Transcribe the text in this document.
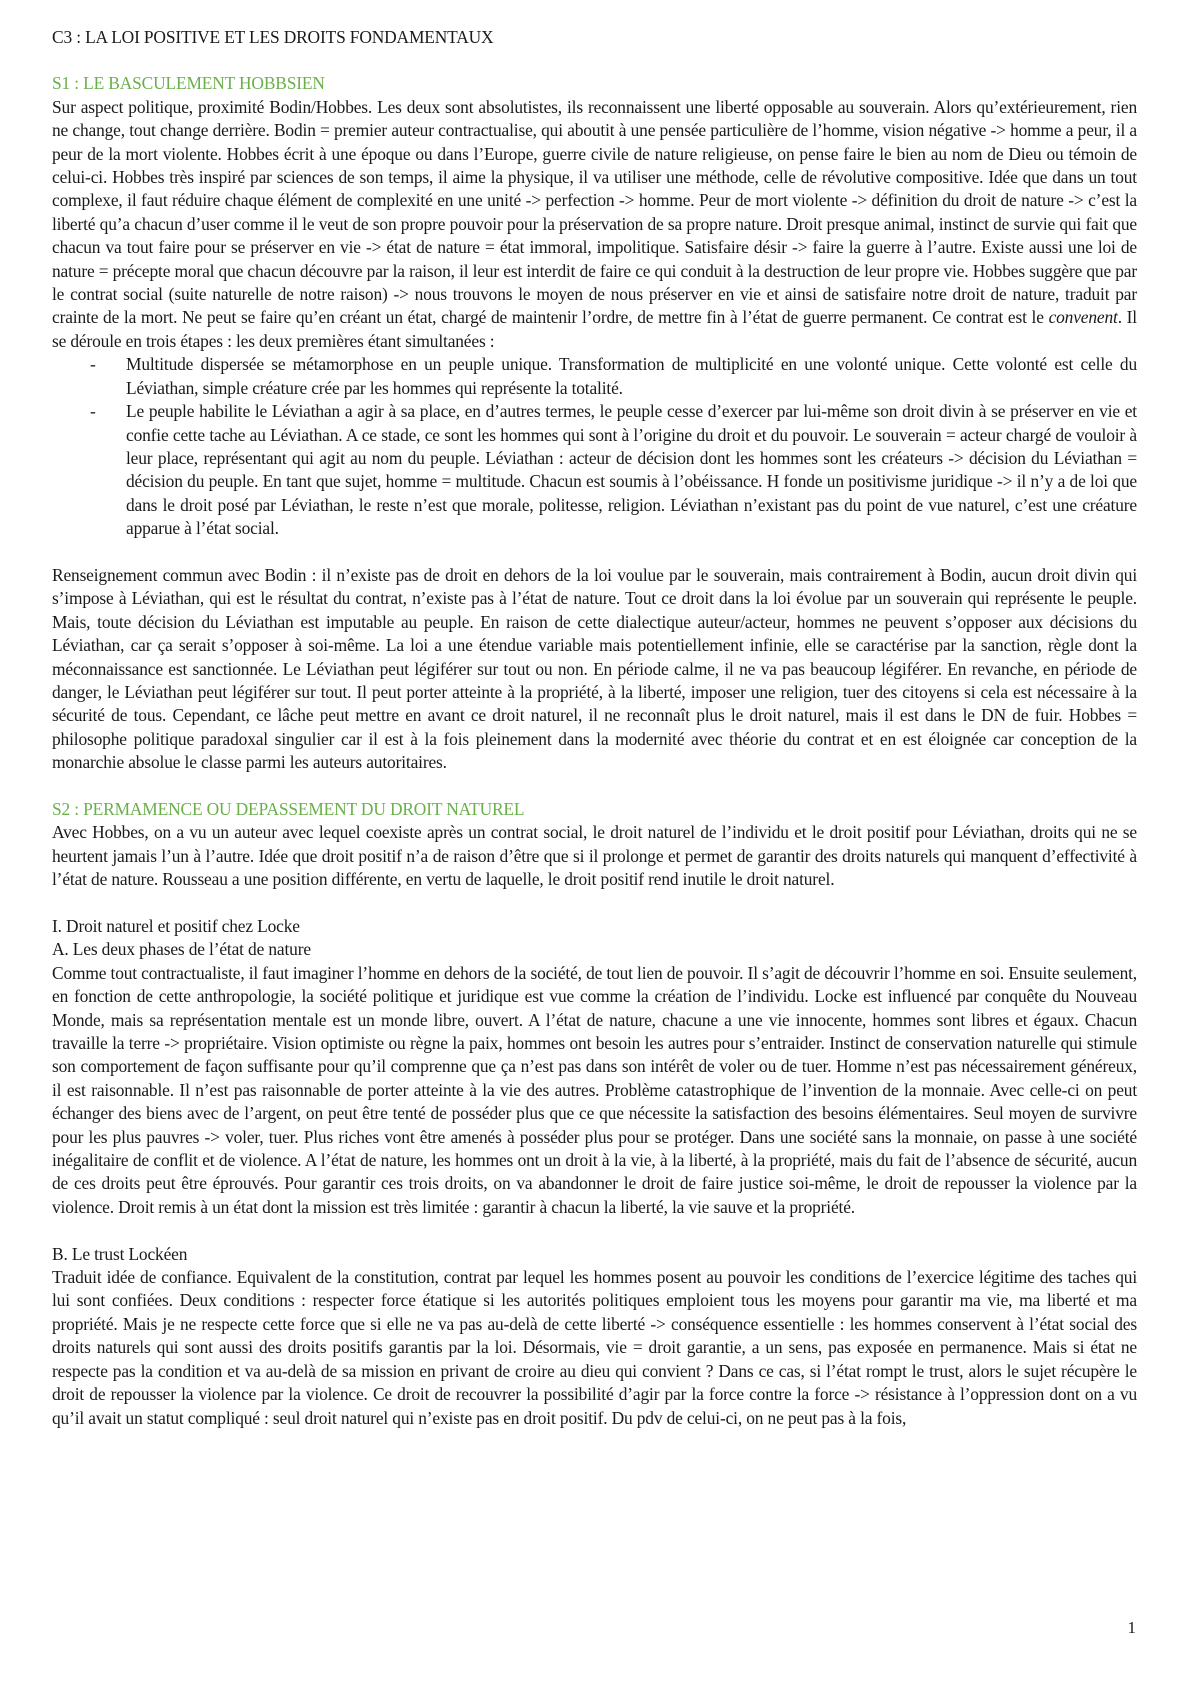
C3 : LA LOI POSITIVE ET LES DROITS FONDAMENTAUX

S1 : LE BASCULEMENT HOBBSIEN

Sur aspect politique, proximité Bodin/Hobbes. Les deux sont absolutistes, ils reconnaissent une liberté opposable au souverain. Alors qu’extérieurement, rien ne change, tout change derrière. Bodin = premier auteur contractualise, qui aboutit à une pensée particulière de l’homme, vision négative -> homme a peur, il a peur de la mort violente. Hobbes écrit à une époque ou dans l’Europe, guerre civile de nature religieuse, on pense faire le bien au nom de Dieu ou témoin de celui-ci. Hobbes très inspiré par sciences de son temps, il aime la physique, il va utiliser une méthode, celle de révolutive compositive. Idée que dans un tout complexe, il faut réduire chaque élément de complexité en une unité -> perfection -> homme. Peur de mort violente -> définition du droit de nature -> c’est la liberté qu’a chacun d’user comme il le veut de son propre pouvoir pour la préservation de sa propre nature. Droit presque animal, instinct de survie qui fait que chacun va tout faire pour se préserver en vie -> état de nature = état immoral, impolitique. Satisfaire désir -> faire la guerre à l’autre. Existe aussi une loi de nature = précepte moral que chacun découvre par la raison, il leur est interdit de faire ce qui conduit à la destruction de leur propre vie. Hobbes suggère que par le contrat social (suite naturelle de notre raison) -> nous trouvons le moyen de nous préserver en vie et ainsi de satisfaire notre droit de nature, traduit par crainte de la mort. Ne peut se faire qu’en créant un état, chargé de maintenir l’ordre, de mettre fin à l’état de guerre permanent. Ce contrat est le convenent. Il se déroule en trois étapes : les deux premières étant simultanées :

- Multitude dispersée se métamorphose en un peuple unique. Transformation de multiplicité en une volonté unique. Cette volonté est celle du Léviathan, simple créature crée par les hommes qui représente la totalité.
- Le peuple habilite le Léviathan a agir à sa place, en d’autres termes, le peuple cesse d’exercer par lui-même son droit divin à se préserver en vie et confie cette tache au Léviathan. A ce stade, ce sont les hommes qui sont à l’origine du droit et du pouvoir. Le souverain = acteur chargé de vouloir à leur place, représentant qui agit au nom du peuple. Léviathan : acteur de décision dont les hommes sont les créateurs -> décision du Léviathan = décision du peuple. En tant que sujet, homme = multitude. Chacun est soumis à l’obéissance. H fonde un positivisme juridique -> il n’y a de loi que dans le droit posé par Léviathan, le reste n’est que morale, politesse, religion. Léviathan n’existant pas du point de vue naturel, c’est une créature apparue à l’état social.

Renseignement commun avec Bodin : il n’existe pas de droit en dehors de la loi voulue par le souverain, mais contrairement à Bodin, aucun droit divin qui s’impose à Léviathan, qui est le résultat du contrat, n’existe pas à l’état de nature. Tout ce droit dans la loi évolue par un souverain qui représente le peuple. Mais, toute décision du Léviathan est imputable au peuple. En raison de cette dialectique auteur/acteur, hommes ne peuvent s’opposer aux décisions du Léviathan, car ça serait s’opposer à soi-même. La loi a une étendue variable mais potentiellement infinie, elle se caractérise par la sanction, règle dont la méconnaissance est sanctionnée. Le Léviathan peut légiférer sur tout ou non. En période calme, il ne va pas beaucoup légiférer. En revanche, en période de danger, le Léviathan peut légiférer sur tout. Il peut porter atteinte à la propriété, à la liberté, imposer une religion, tuer des citoyens si cela est nécessaire à la sécurité de tous. Cependant, ce lâche peut mettre en avant ce droit naturel, il ne reconnaît plus le droit naturel, mais il est dans le DN de fuir. Hobbes = philosophe politique paradoxal singulier car il est à la fois pleinement dans la modernité avec théorie du contrat et en est éloignée car conception de la monarchie absolue le classe parmi les auteurs autoritaires.

S2 : PERMAMENCE OU DEPASSEMENT DU DROIT NATUREL

Avec Hobbes, on a vu un auteur avec lequel coexiste après un contrat social, le droit naturel de l’individu et le droit positif pour Léviathan, droits qui ne se heurtent jamais l’un à l’autre. Idée que droit positif n’a de raison d’être que si il prolonge et permet de garantir des droits naturels qui manquent d’effectivité à l’état de nature. Rousseau a une position différente, en vertu de laquelle, le droit positif rend inutile le droit naturel.

I. Droit naturel et positif chez Locke

A. Les deux phases de l’état de nature

Comme tout contractualiste, il faut imaginer l’homme en dehors de la société, de tout lien de pouvoir. Il s’agit de découvrir l’homme en soi. Ensuite seulement, en fonction de cette anthropologie, la société politique et juridique est vue comme la création de l’individu. Locke est influencé par conquête du Nouveau Monde, mais sa représentation mentale est un monde libre, ouvert. A l’état de nature, chacune a une vie innocente, hommes sont libres et égaux. Chacun travaille la terre -> propriétaire. Vision optimiste ou règne la paix, hommes ont besoin les autres pour s’entraider. Instinct de conservation naturelle qui stimule son comportement de façon suffisante pour qu’il comprenne que ça n’est pas dans son intérêt de voler ou de tuer. Homme n’est pas nécessairement généreux, il est raisonnable. Il n’est pas raisonnable de porter atteinte à la vie des autres. Problème catastrophique de l’invention de la monnaie. Avec celle-ci on peut échanger des biens avec de l’argent, on peut être tenté de posséder plus que ce que nécessite la satisfaction des besoins élémentaires. Seul moyen de survivre pour les plus pauvres -> voler, tuer. Plus riches vont être amenés à posséder plus pour se protéger. Dans une société sans la monnaie, on passe à une société inégalitaire de conflit et de violence. A l’état de nature, les hommes ont un droit à la vie, à la liberté, à la propriété, mais du fait de l’absence de sécurité, aucun de ces droits peut être éprouvés. Pour garantir ces trois droits, on va abandonner le droit de faire justice soi-même, le droit de repousser la violence par la violence. Droit remis à un état dont la mission est très limitée : garantir à chacun la liberté, la vie sauve et la propriété.

B. Le trust Lockéen

Traduit idée de confiance. Equivalent de la constitution, contrat par lequel les hommes posent au pouvoir les conditions de l’exercice légitime des taches qui lui sont confiées. Deux conditions : respecter force étatique si les autorités politiques emploient tous les moyens pour garantir ma vie, ma liberté et ma propriété. Mais je ne respecte cette force que si elle ne va pas au-delà de cette liberté -> conséquence essentielle : les hommes conservent à l’état social des droits naturels qui sont aussi des droits positifs garantis par la loi. Désormais, vie = droit garantie, a un sens, pas exposée en permanence. Mais si état ne respecte pas la condition et va au-delà de sa mission en privant de croire au dieu qui convient ? Dans ce cas, si l’état rompt le trust, alors le sujet récupère le droit de repousser la violence par la violence. Ce droit de recouvrer la possibilité d’agir par la force contre la force -> résistance à l’oppression dont on a vu qu’il avait un statut compliqué : seul droit naturel qui n’existe pas en droit positif. Du pdv de celui-ci, on ne peut pas à la fois,

1
